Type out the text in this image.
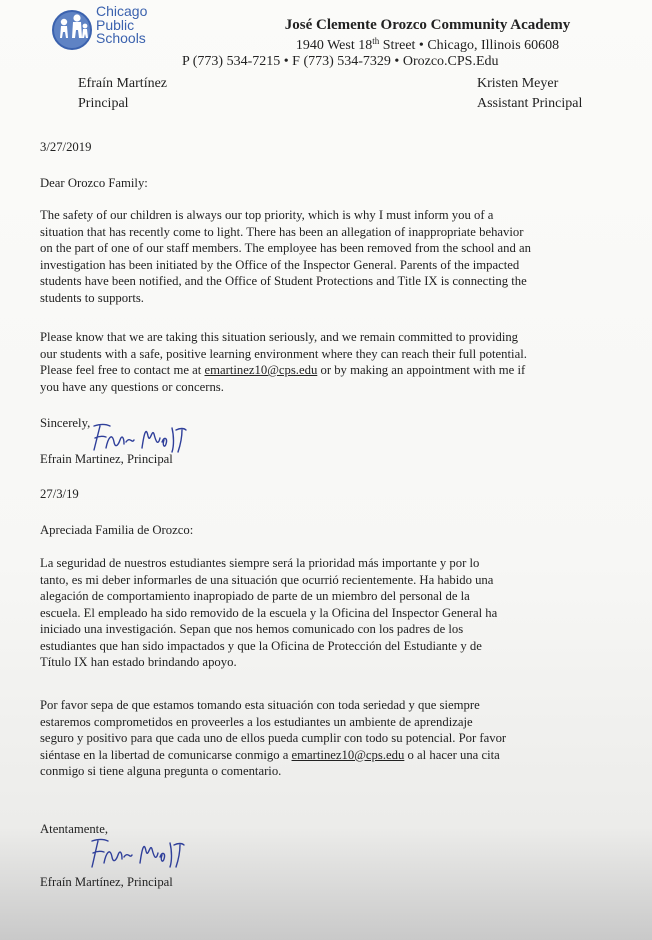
Chicago
Public
Schools
José Clemente Orozco Community Academy
1940 West 18th Street • Chicago, Illinois 60608
P (773) 534-7215 • F (773) 534-7329 • Orozco.CPS.Edu
Efraín Martínez
Principal
Kristen Meyer
Assistant Principal
3/27/2019
Dear Orozco Family:
The safety of our children is always our top priority, which is why I must inform you of a
situation that has recently come to light. There has been an allegation of inappropriate behavior
on the part of one of our staff members. The employee has been removed from the school and an
investigation has been initiated by the Office of the Inspector General. Parents of the impacted
students have been notified, and the Office of Student Protections and Title IX is connecting the
students to supports.
Please know that we are taking this situation seriously, and we remain committed to providing
our students with a safe, positive learning environment where they can reach their full potential.
Please feel free to contact me at emartinez10@cps.edu or by making an appointment with me if
you have any questions or concerns.
Sincerely,
Efrain Martinez, Principal
27/3/19
Apreciada Familia de Orozco:
La seguridad de nuestros estudiantes siempre será la prioridad más importante y por lo
tanto, es mi deber informarles de una situación que ocurrió recientemente. Ha habido una
alegación de comportamiento inapropiado de parte de un miembro del personal de la
escuela. El empleado ha sido removido de la escuela y la Oficina del Inspector General ha
iniciado una investigación. Sepan que nos hemos comunicado con los padres de los
estudiantes que han sido impactados y que la Oficina de Protección del Estudiante y de
Título IX han estado brindando apoyo.
Por favor sepa de que estamos tomando esta situación con toda seriedad y que siempre
estaremos comprometidos en proveerles a los estudiantes un ambiente de aprendizaje
seguro y positivo para que cada uno de ellos pueda cumplir con todo su potencial. Por favor
siéntase en la libertad de comunicarse conmigo a emartinez10@cps.edu o al hacer una cita
conmigo si tiene alguna pregunta o comentario.
Atentamente,
Efraín Martínez, Principal
